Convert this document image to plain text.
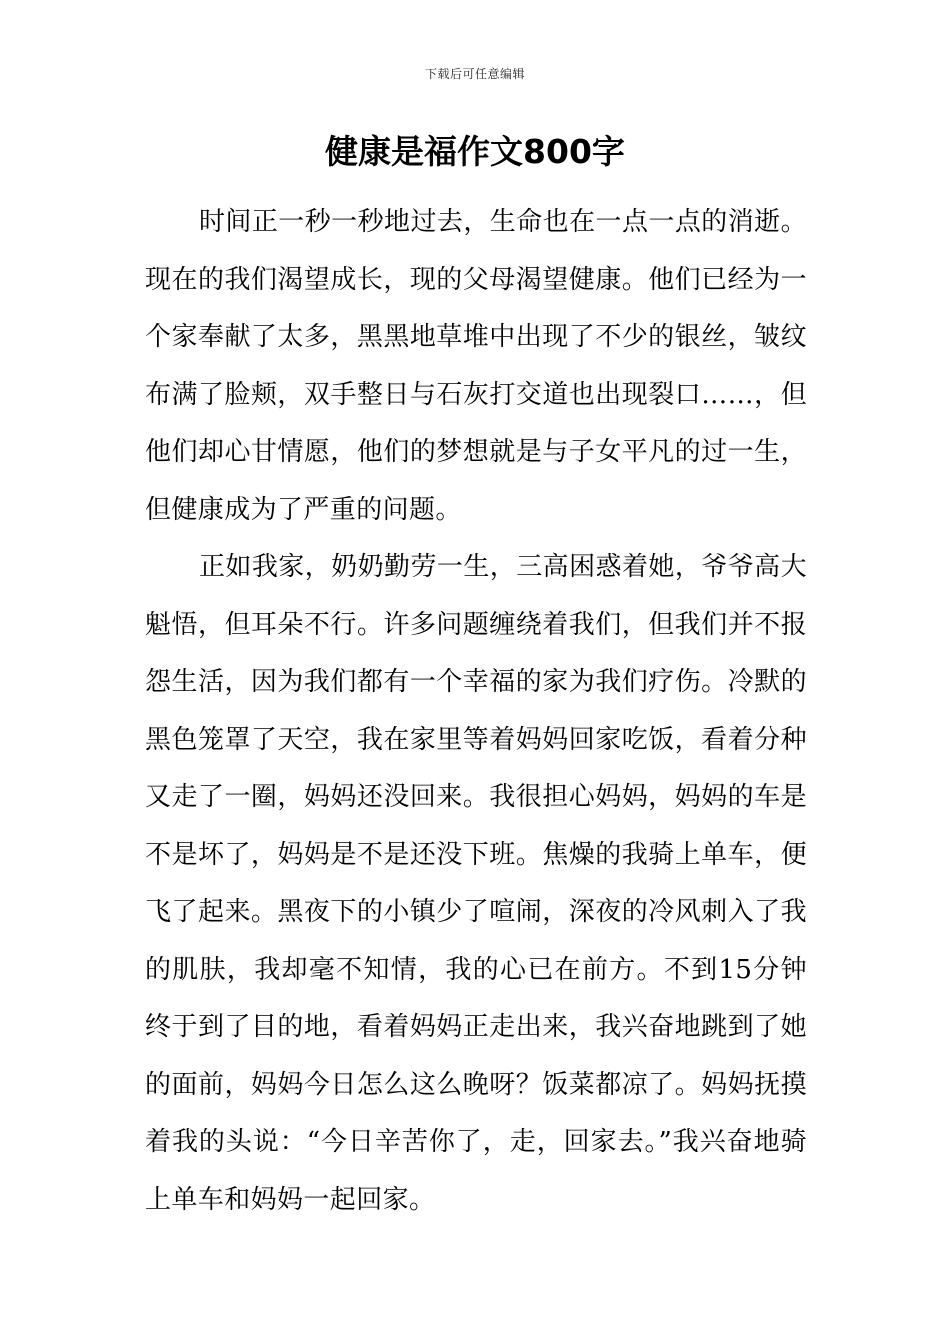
下载后可任意编辑
健康是福作文800字

时间正一秒一秒地过去，生命也在一点一点的消逝。现在的我们渴望成长，现的父母渴望健康。他们已经为一个家奉献了太多，黑黑地草堆中出现了不少的银丝，皱纹布满了脸颊，双手整日与石灰打交道也出现裂口……，但他们却心甘情愿，他们的梦想就是与子女平凡的过一生，但健康成为了严重的问题。

正如我家，奶奶勤劳一生，三高困惑着她，爷爷高大魁悟，但耳朵不行。许多问题缠绕着我们，但我们并不报怨生活，因为我们都有一个幸福的家为我们疗伤。冷默的黑色笼罩了天空，我在家里等着妈妈回家吃饭，看着分种又走了一圈，妈妈还没回来。我很担心妈妈，妈妈的车是不是坏了，妈妈是不是还没下班。焦燥的我骑上单车，便飞了起来。黑夜下的小镇少了喧闹，深夜的冷风刺入了我的肌肤，我却毫不知情，我的心已在前方。不到15分钟终于到了目的地，看着妈妈正走出来，我兴奋地跳到了她的面前，妈妈今日怎么这么晚呀？饭菜都凉了。妈妈抚摸着我的头说：“今日辛苦你了，走，回家去。”我兴奋地骑上单车和妈妈一起回家。
